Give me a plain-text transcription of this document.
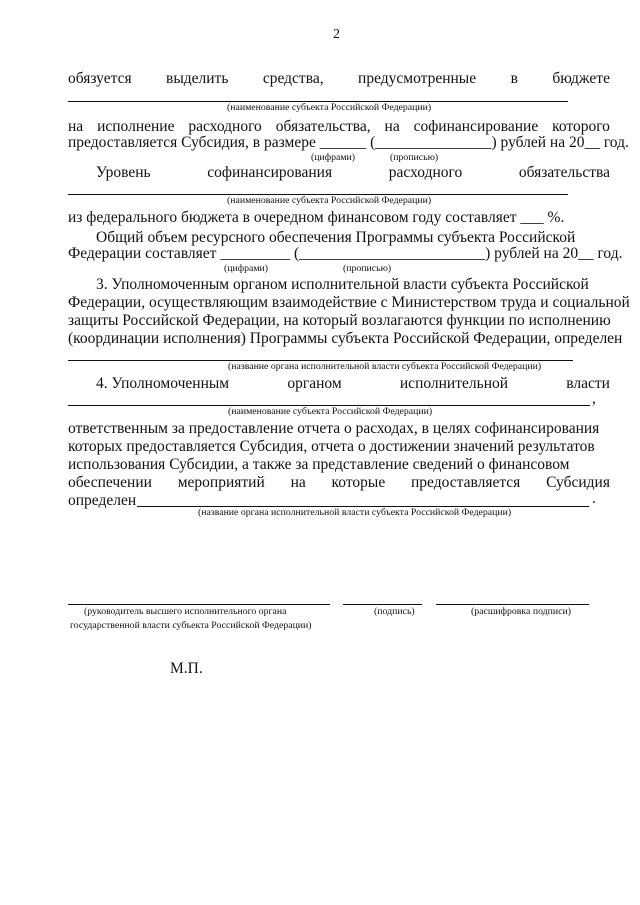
2
обязуется выделить средства, предусмотренные в бюджете
(наименование субъекта Российской Федерации)
на исполнение расходного обязательства, на софинансирование которого
предоставляется Субсидия, в размере ______ (_______________) рублей на 20__ год.
(цифрами)	(прописью)
Уровень	софинансирования	расходного	обязательства
(наименование субъекта Российской Федерации)
из федерального бюджета в очередном финансовом году составляет ___ %.
Общий объем ресурсного обеспечения Программы субъекта Российской
Федерации составляет _________ (________________________) рублей на 20__ год.
(цифрами)	(прописью)
3. Уполномоченным органом исполнительной власти субъекта Российской
Федерации, осуществляющим взаимодействие с Министерством труда и социальной
защиты Российской Федерации, на который возлагаются функции по исполнению
(координации исполнения) Программы субъекта Российской Федерации, определен
(название органа исполнительной власти субъекта Российской Федерации)
4. Уполномоченным	органом	исполнительной	власти
,
(наименование субъекта Российской Федерации)
ответственным за предоставление отчета о расходах, в целях софинансирования
которых предоставляется Субсидия, отчета о достижении значений результатов
использования Субсидии, а также за представление сведений о финансовом
обеспечении мероприятий на которые предоставляется Субсидия
определен	.
(название органа исполнительной власти субъекта Российской Федерации)
(руководитель высшего исполнительного органа
государственной власти субъекта Российской Федерации)
(подпись)	(расшифровка подписи)
М.П.
